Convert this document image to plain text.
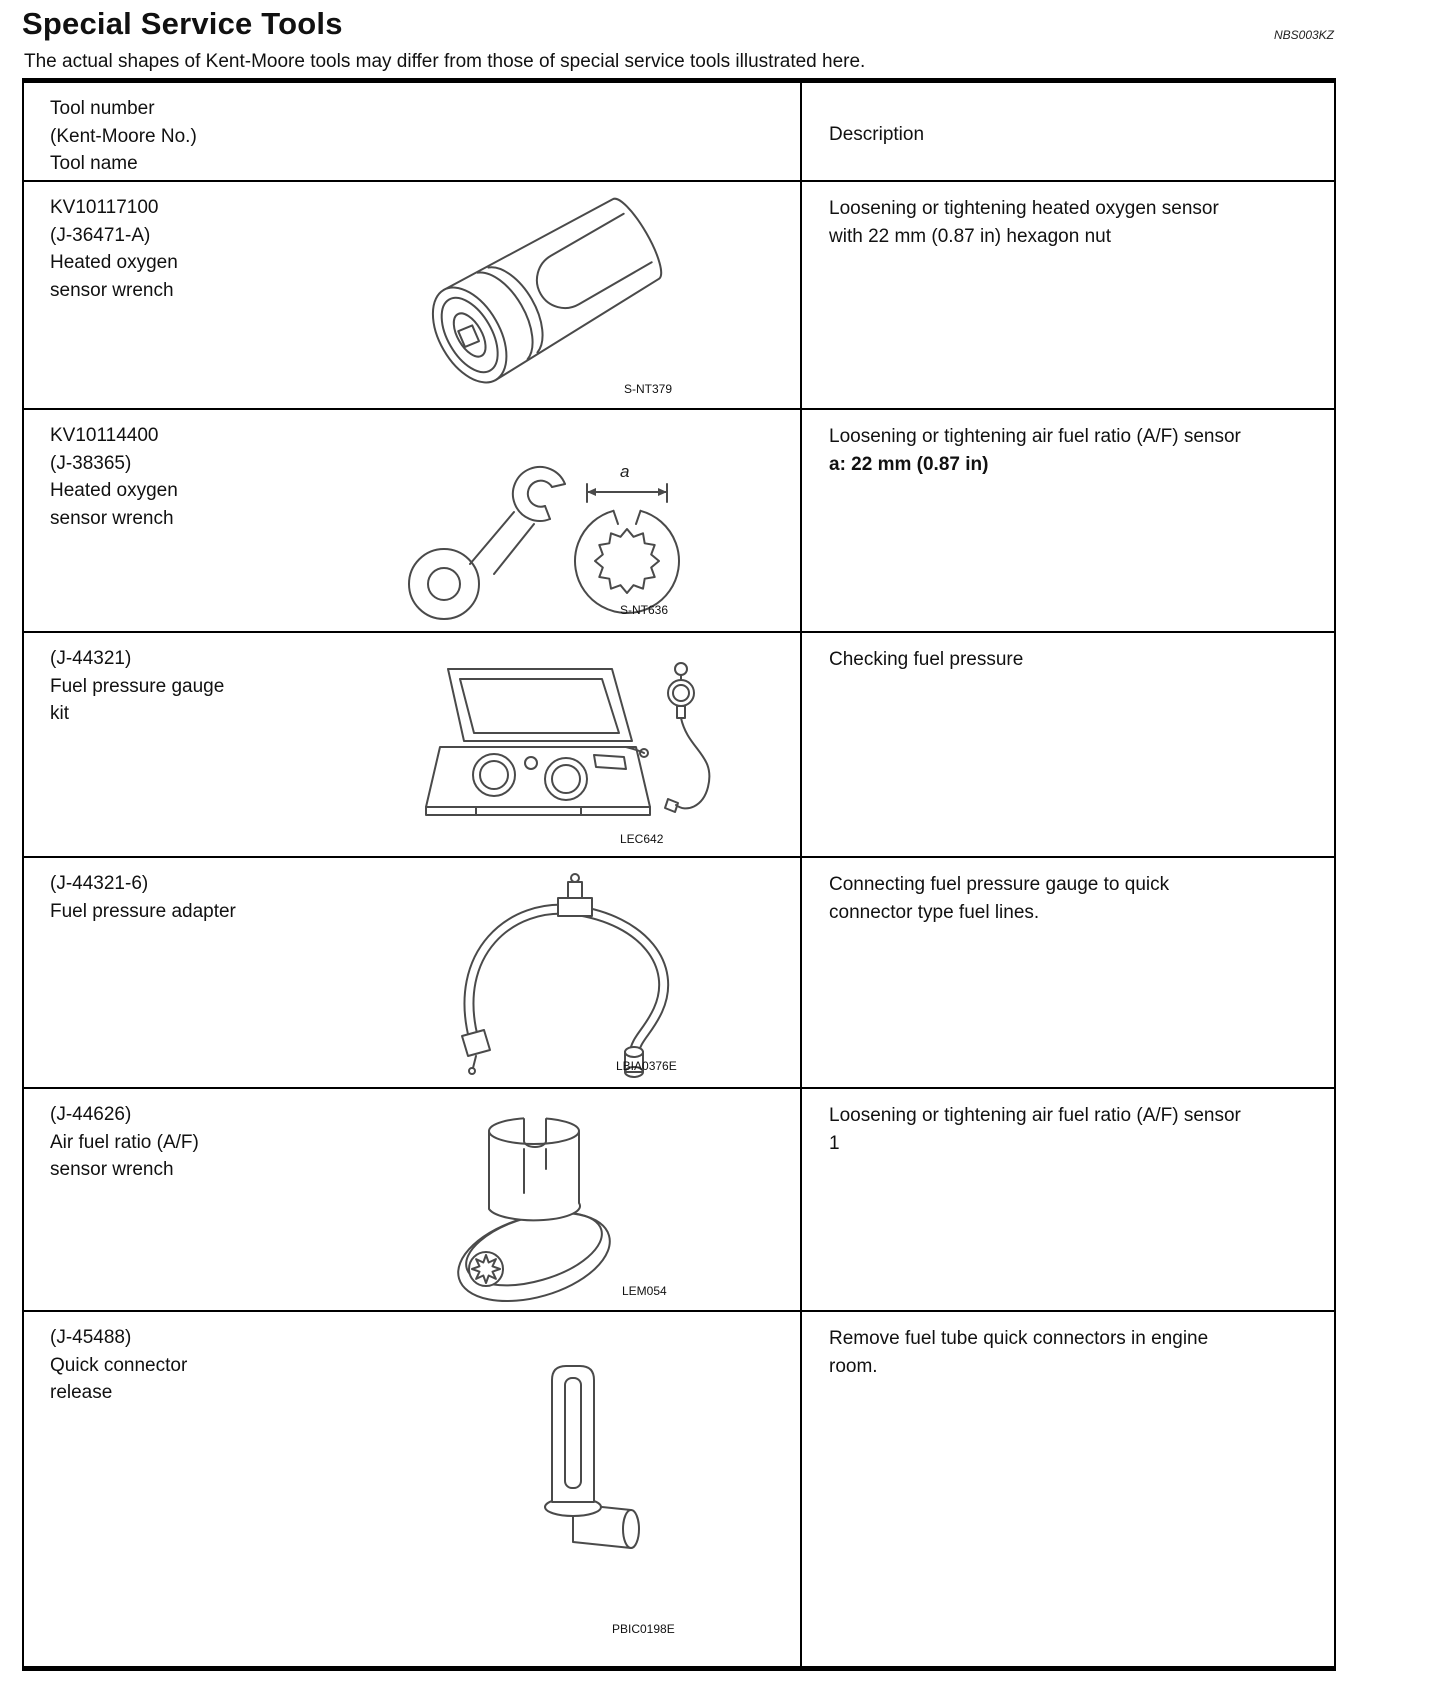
Special Service Tools	NBS003KZ
The actual shapes of Kent-Moore tools may differ from those of special service tools illustrated here.
Tool number
(Kent-Moore No.)
Tool name
Description
KV10117100
(J-36471-A)
Heated oxygen
sensor wrench
S-NT379
Loosening or tightening heated oxygen sensor
with 22 mm (0.87 in) hexagon nut
KV10114400
(J-38365)
Heated oxygen
sensor wrench
a
S-NT636
Loosening or tightening air fuel ratio (A/F) sensor
a: 22 mm (0.87 in)
(J-44321)
Fuel pressure gauge
kit
LEC642
Checking fuel pressure
(J-44321-6)
Fuel pressure adapter
LBIA0376E
Connecting fuel pressure gauge to quick
connector type fuel lines.
(J-44626)
Air fuel ratio (A/F)
sensor wrench
LEM054
Loosening or tightening air fuel ratio (A/F) sensor
1
(J-45488)
Quick connector
release
PBIC0198E
Remove fuel tube quick connectors in engine
room.
